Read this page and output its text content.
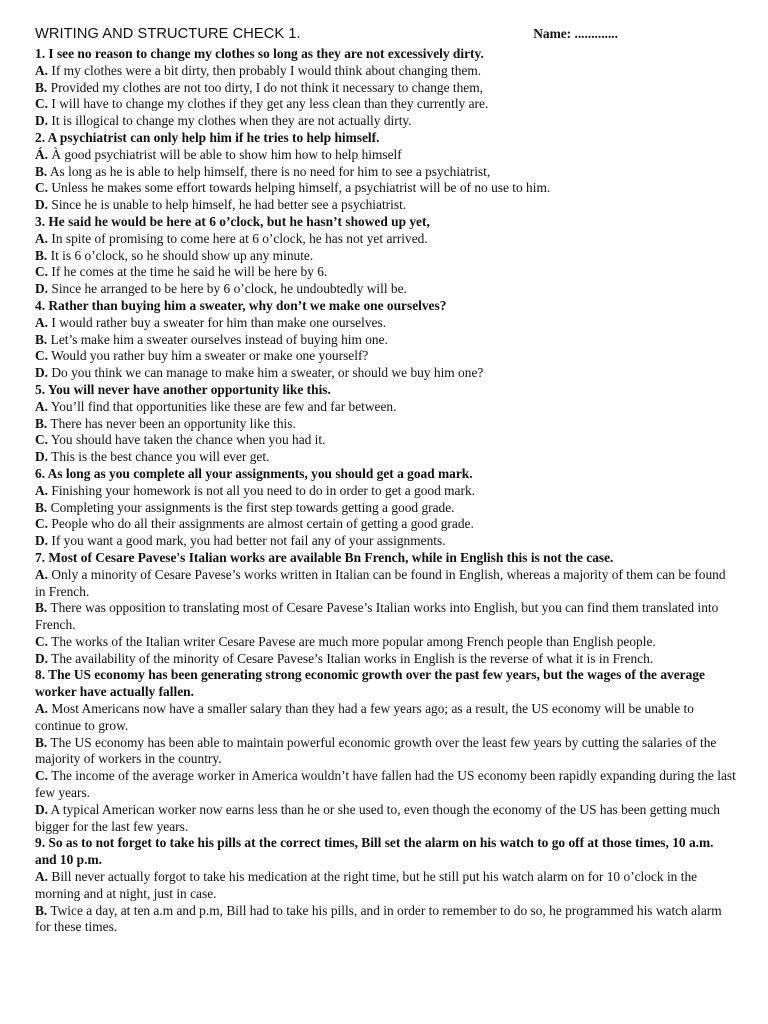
WRITING AND STRUCTURE CHECK 1.	Name: .............
1. I see no reason to change my clothes so long as they are not excessively dirty.
A. If my clothes were a bit dirty, then probably I would think about changing them.
B. Provided my clothes are not too dirty, I do not think it necessary to change them,
C. I will have to change my clothes if they get any less clean than they currently are.
D. It is illogical to change my clothes when they are not actually dirty.
2. A psychiatrist can only help him if he tries to help himself.
Á. À good psychiatrist will be able to show him how to help himself
B. As long as he is able to help himself, there is no need for him to see a psychiatrist,
C. Unless he makes some effort towards helping himself, a psychiatrist will be of no use to him.
D. Since he is unable to help himself, he had better see a psychiatrist.
3. He said he would be here at 6 o’clock, but he hasn’t showed up yet,
A. In spite of promising to come here at 6 o’clock, he has not yet arrived.
B. It is 6 o’clock, so he should show up any minute.
C. If he comes at the time he said he will be here by 6.
D. Since he arranged to be here by 6 o’clock, he undoubtedly will be.
4. Rather than buying him a sweater, why don’t we make one ourselves?
A. I would rather buy a sweater for him than make one ourselves.
B. Let’s make him a sweater ourselves instead of buying him one.
C. Would you rather buy him a sweater or make one yourself?
D. Do you think we can manage to make him a sweater, or should we buy him one?
5. You will never have another opportunity like this.
A. You’ll find that opportunities like these are few and far between.
B. There has never been an opportunity like this.
C. You should have taken the chance when you had it.
D. This is the best chance you will ever get.
6. As long as you complete all your assignments, you should get a goad mark.
A. Finishing your homework is not all you need to do in order to get a good mark.
B. Completing your assignments is the first step towards getting a good grade.
C. People who do all their assignments are almost certain of getting a good grade.
D. If you want a good mark, you had better not fail any of your assignments.
7. Most of Cesare Pavese's Italian works are available Bn French, while in English this is not the case.
A. Only a minority of Cesare Pavese’s works written in Italian can be found in English, whereas a majority of them can be found in French.
B. There was opposition to translating most of Cesare Pavese’s Italian works into English, but you can find them translated into French.
C. The works of the Italian writer Cesare Pavese are much more popular among French people than English people.
D. The availability of the minority of Cesare Pavese’s Italian works in English is the reverse of what it is in French.
8. The US economy has been generating strong economic growth over the past few years, but the wages of the average worker have actually fallen.
A. Most Americans now have a smaller salary than they had a few years ago; as a result, the US economy will be unable to continue to grow.
B. The US economy has been able to maintain powerful economic growth over the least few years by cutting the salaries of the majority of workers in the country.
C. The income of the average worker in America wouldn’t have fallen had the US economy been rapidly expanding during the last few years.
D. A typical American worker now earns less than he or she used to, even though the economy of the US has been getting much bigger for the last few years.
9. So as to not forget to take his pills at the correct times, Bill set the alarm on his watch to go off at those times, 10 a.m. and 10 p.m.
A. Bill never actually forgot to take his medication at the right time, but he still put his watch alarm on for 10 o’clock in the morning and at night, just in case.
B. Twice a day, at ten a.m and p.m, Bill had to take his pills, and in order to remember to do so, he programmed his watch alarm for these times.
